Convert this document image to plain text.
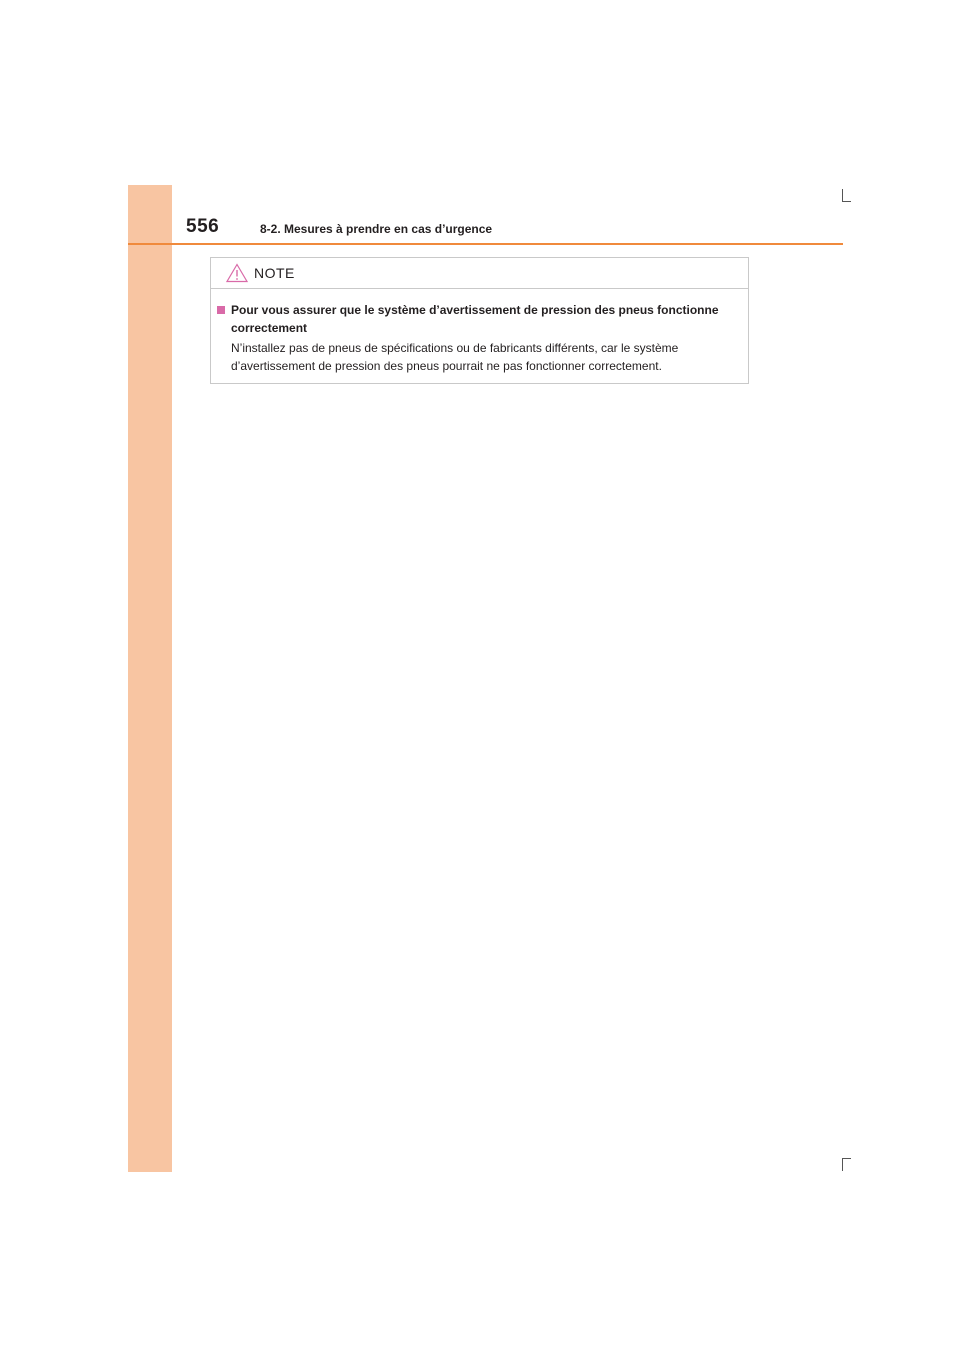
556	8-2. Mesures à prendre en cas d’urgence
NOTE
Pour vous assurer que le système d’avertissement de pression des pneus fonctionne correctement
N’installez pas de pneus de spécifications ou de fabricants différents, car le système d’avertissement de pression des pneus pourrait ne pas fonctionner correctement.
